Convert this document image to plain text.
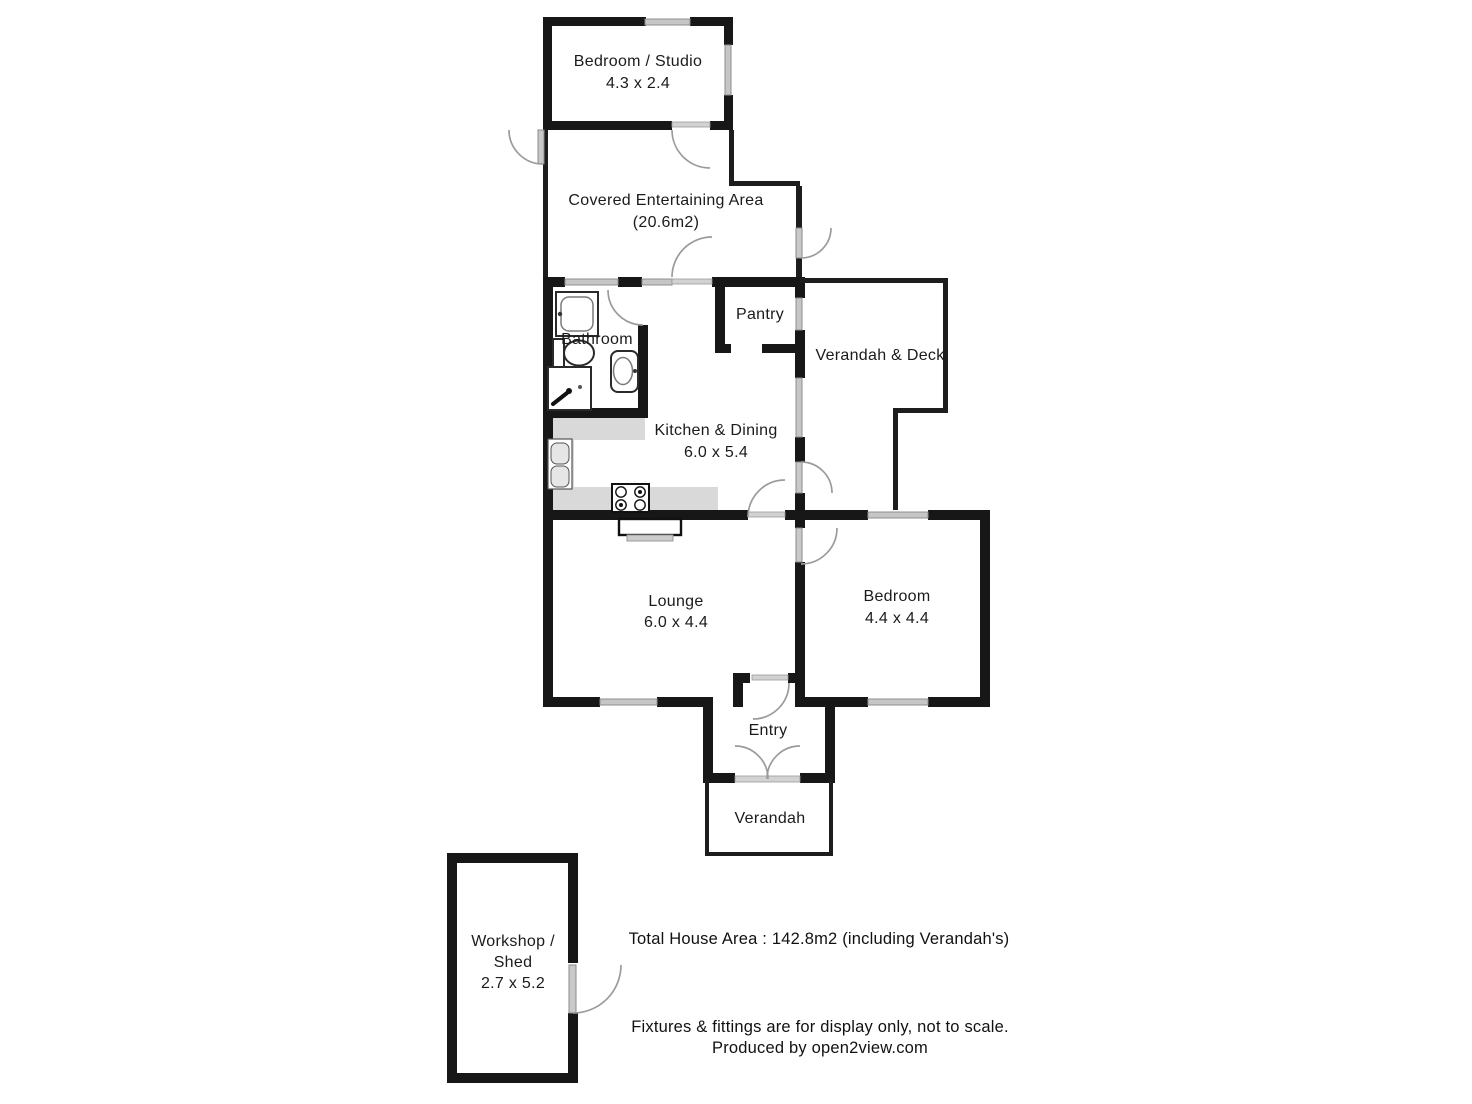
Bedroom / Studio
4.3 x 2.4
Covered Entertaining Area
(20.6m2)
Bathroom
Pantry
Verandah & Deck
Kitchen & Dining
6.0 x 5.4
Lounge
6.0 x 4.4
Bedroom
4.4 x 4.4
Entry
Verandah
Workshop /
Shed
2.7 x 5.2
Total House Area : 142.8m2 (including Verandah's)
Fixtures & fittings are for display only, not to scale.
Produced by open2view.com
